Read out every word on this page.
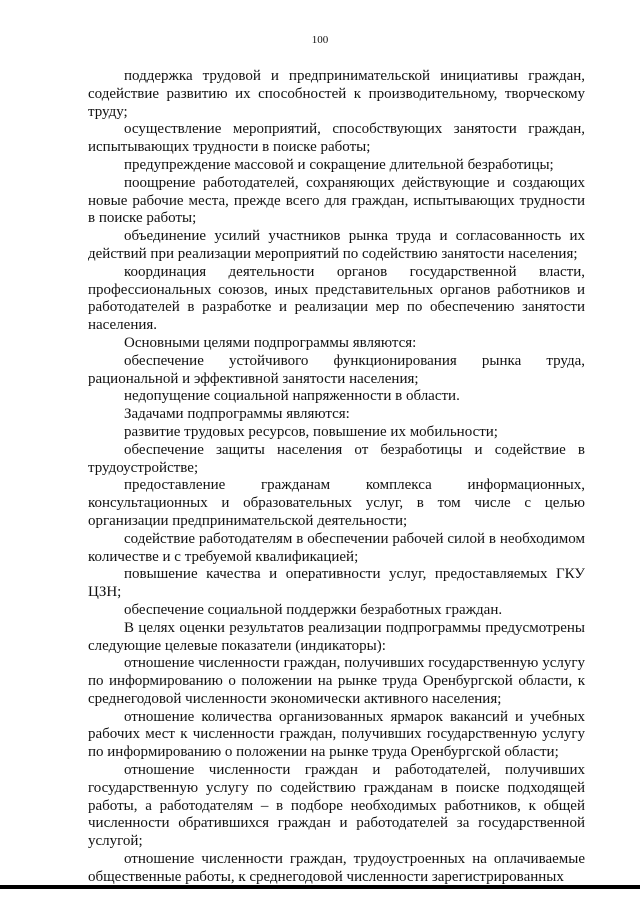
100

поддержка трудовой и предпринимательской инициативы граждан, содействие развитию их способностей к производительному, творческому труду;

осуществление мероприятий, способствующих занятости граждан, испытывающих трудности в поиске работы;

предупреждение массовой и сокращение длительной безработицы;

поощрение работодателей, сохраняющих действующие и создающих новые рабочие места, прежде всего для граждан, испытывающих трудности в поиске работы;

объединение усилий участников рынка труда и согласованность их действий при реализации мероприятий по содействию занятости населения;

координация деятельности органов государственной власти, профессиональных союзов, иных представительных органов работников и работодателей в разработке и реализации мер по обеспечению занятости населения.

Основными целями подпрограммы являются:

обеспечение устойчивого функционирования рынка труда, рациональной и эффективной занятости населения;

недопущение социальной напряженности в области.

Задачами подпрограммы являются:

развитие трудовых ресурсов, повышение их мобильности;

обеспечение защиты населения от безработицы и содействие в трудоустройстве;

предоставление гражданам комплекса информационных, консультационных и образовательных услуг, в том числе с целью организации предпринимательской деятельности;

содействие работодателям в обеспечении рабочей силой в необходимом количестве и с требуемой квалификацией;

повышение качества и оперативности услуг, предоставляемых ГКУ ЦЗН;

обеспечение социальной поддержки безработных граждан.

В целях оценки результатов реализации подпрограммы предусмотрены следующие целевые показатели (индикаторы):

отношение численности граждан, получивших государственную услугу по информированию о положении на рынке труда Оренбургской области, к среднегодовой численности экономически активного населения;

отношение количества организованных ярмарок вакансий и учебных рабочих мест к численности граждан, получивших государственную услугу по информированию о положении на рынке труда Оренбургской области;

отношение численности граждан и работодателей, получивших государственную услугу по содействию гражданам в поиске подходящей работы, а работодателям – в подборе необходимых работников, к общей численности обратившихся граждан и работодателей за государственной услугой;

отношение численности граждан, трудоустроенных на оплачиваемые общественные работы, к среднегодовой численности зарегистрированных
